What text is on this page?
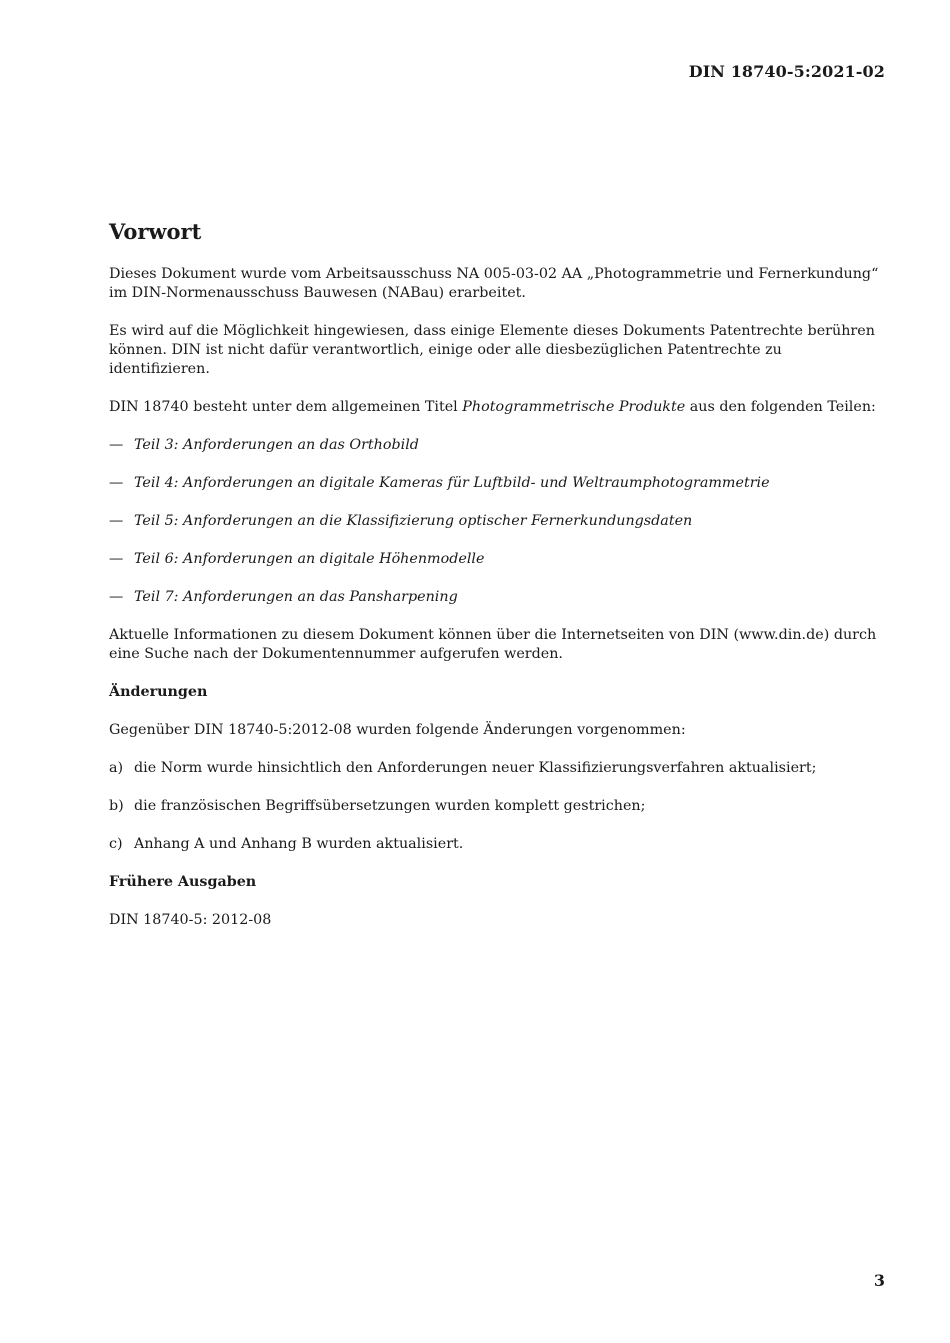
DIN 18740-5:2021-02
Vorwort

Dieses Dokument wurde vom Arbeitsausschuss NA 005-03-02 AA „Photogrammetrie und Fernerkundung“ im DIN-Normenausschuss Bauwesen (NABau) erarbeitet.

Es wird auf die Möglichkeit hingewiesen, dass einige Elemente dieses Dokuments Patentrechte berühren können. DIN ist nicht dafür verantwortlich, einige oder alle diesbezüglichen Patentrechte zu identifizieren.

DIN 18740 besteht unter dem allgemeinen Titel Photogrammetrische Produkte aus den folgenden Teilen:

— Teil 3: Anforderungen an das Orthobild
— Teil 4: Anforderungen an digitale Kameras für Luftbild- und Weltraumphotogrammetrie
— Teil 5: Anforderungen an die Klassifizierung optischer Fernerkundungsdaten
— Teil 6: Anforderungen an digitale Höhenmodelle
— Teil 7: Anforderungen an das Pansharpening

Aktuelle Informationen zu diesem Dokument können über die Internetseiten von DIN (www.din.de) durch eine Suche nach der Dokumentennummer aufgerufen werden.

Änderungen

Gegenüber DIN 18740-5:2012-08 wurden folgende Änderungen vorgenommen:

a) die Norm wurde hinsichtlich den Anforderungen neuer Klassifizierungsverfahren aktualisiert;
b) die französischen Begriffsübersetzungen wurden komplett gestrichen;
c) Anhang A und Anhang B wurden aktualisiert.

Frühere Ausgaben

DIN 18740-5: 2012-08

3
